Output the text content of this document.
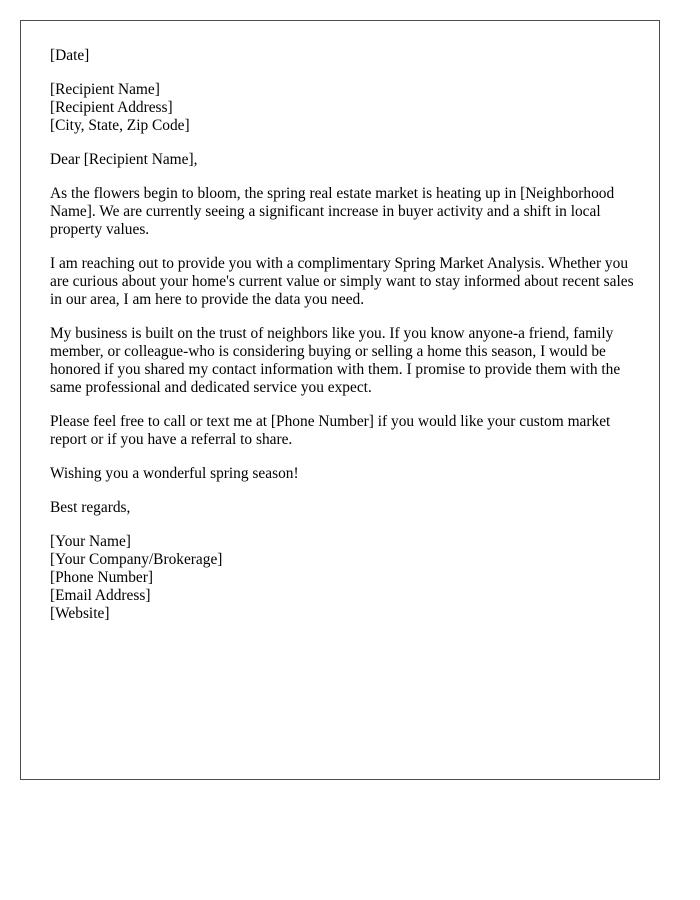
[Date]
[Recipient Name]
[Recipient Address]
[City, State, Zip Code]
Dear [Recipient Name],

As the flowers begin to bloom, the spring real estate market is heating up in [Neighborhood Name]. We are currently seeing a significant increase in buyer activity and a shift in local property values.

I am reaching out to provide you with a complimentary Spring Market Analysis. Whether you are curious about your home's current value or simply want to stay informed about recent sales in our area, I am here to provide the data you need.

My business is built on the trust of neighbors like you. If you know anyone-a friend, family member, or colleague-who is considering buying or selling a home this season, I would be honored if you shared my contact information with them. I promise to provide them with the same professional and dedicated service you expect.

Please feel free to call or text me at [Phone Number] if you would like your custom market report or if you have a referral to share.

Wishing you a wonderful spring season!

Best regards,
[Your Name]
[Your Company/Brokerage]
[Phone Number]
[Email Address]
[Website]
